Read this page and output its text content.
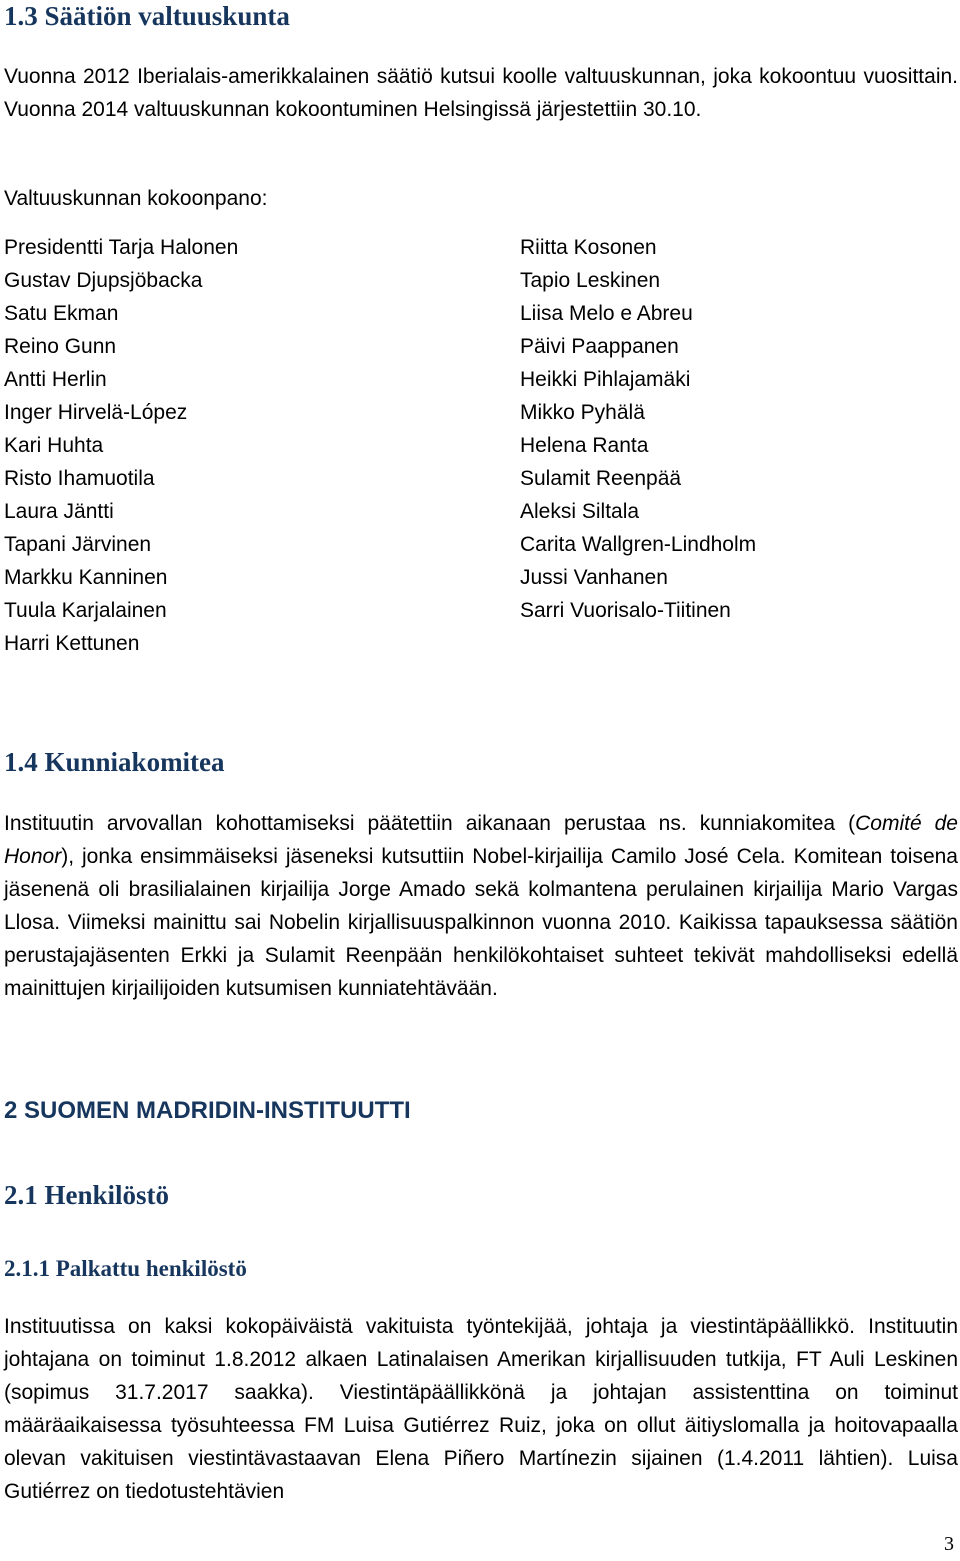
1.3 Säätiön valtuuskunta

Vuonna 2012 Iberialais-amerikkalainen säätiö kutsui koolle valtuuskunnan, joka kokoontuu vuosittain. Vuonna 2014 valtuuskunnan kokoontuminen Helsingissä järjestettiin 30.10.

Valtuuskunnan kokoonpano:

Presidentti Tarja Halonen
Gustav Djupsjöbacka
Satu Ekman
Reino Gunn
Antti Herlin
Inger Hirvelä-López
Kari Huhta
Risto Ihamuotila
Laura Jäntti
Tapani Järvinen
Markku Kanninen
Tuula Karjalainen
Harri Kettunen
Riitta Kosonen
Tapio Leskinen
Liisa Melo e Abreu
Päivi Paappanen
Heikki Pihlajamäki
Mikko Pyhälä
Helena Ranta
Sulamit Reenpää
Aleksi Siltala
Carita Wallgren-Lindholm
Jussi Vanhanen
Sarri Vuorisalo-Tiitinen
1.4 Kunniakomitea

Instituutin arvovallan kohottamiseksi päätettiin aikanaan perustaa ns. kunniakomitea (Comité de Honor), jonka ensimmäiseksi jäseneksi kutsuttiin Nobel-kirjailija Camilo José Cela. Komitean toisena jäsenenä oli brasilialainen kirjailija Jorge Amado sekä kolmantena perulainen kirjailija Mario Vargas Llosa. Viimeksi mainittu sai Nobelin kirjallisuuspalkinnon vuonna 2010. Kaikissa tapauksessa säätiön perustajajäsenten Erkki ja Sulamit Reenpään henkilökohtaiset suhteet tekivät mahdolliseksi edellä mainittujen kirjailijoiden kutsumisen kunniatehtävään.

2 SUOMEN MADRIDIN-INSTITUUTTI
2.1 Henkilöstö
2.1.1 Palkattu henkilöstö

Instituutissa on kaksi kokopäiväistä vakituista työntekijää, johtaja ja viestintäpäällikkö. Instituutin johtajana on toiminut 1.8.2012 alkaen Latinalaisen Amerikan kirjallisuuden tutkija, FT Auli Leskinen (sopimus 31.7.2017 saakka). Viestintäpäällikkönä ja johtajan assistenttina on toiminut määräaikaisessa työsuhteessa FM Luisa Gutiérrez Ruiz, joka on ollut äitiyslomalla ja hoitovapaalla olevan vakituisen viestintävastaavan Elena Piñero Martínezin sijainen (1.4.2011 lähtien). Luisa Gutiérrez on tiedotustehtävien

3
